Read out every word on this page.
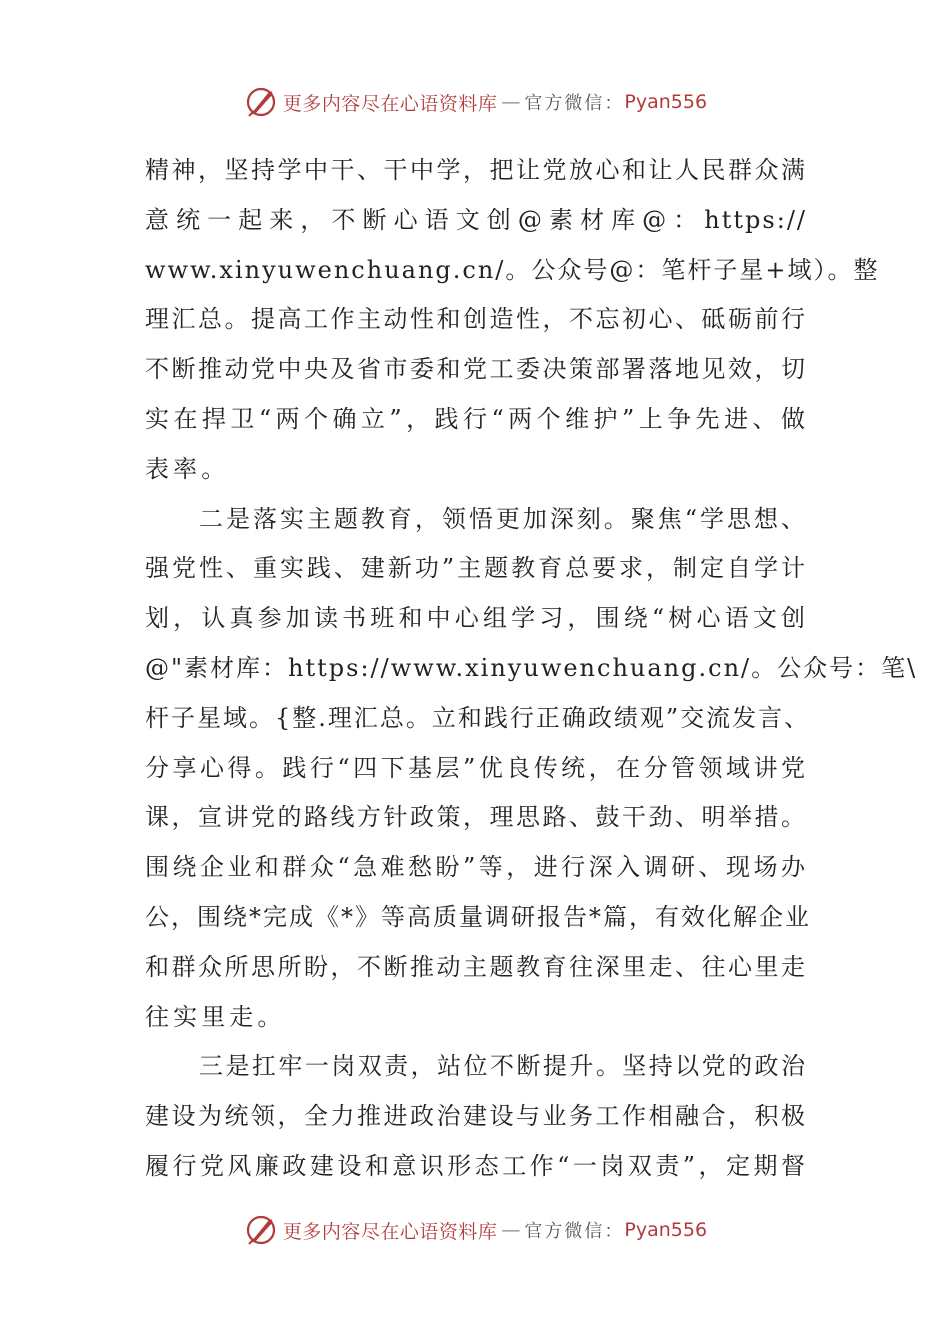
更多内容尽在心语资料库 — 官方微信： Pyan556
精神，坚持学中干、干中学，把让党放心和让人民群众满
意统一起来，不断心语文创@素材库@：https://
www.xinyuwenchuang.cn/。公众号@：笔杆子星+域）。整
理汇总。提高工作主动性和创造性，不忘初心、砥砺前行
不断推动党中央及省市委和党工委决策部署落地见效，切
实在捍卫“两个确立”，践行“两个维护”上争先进、做
表率。
二是落实主题教育，领悟更加深刻。聚焦“学思想、
强党性、重实践、建新功”主题教育总要求，制定自学计
划，认真参加读书班和中心组学习，围绕“树心语文创
@"素材库：https://www.xinyuwenchuang.cn/。公众号：笔\
杆子星域。{整.理汇总。立和践行正确政绩观”交流发言、
分享心得。践行“四下基层”优良传统，在分管领域讲党
课，宣讲党的路线方针政策，理思路、鼓干劲、明举措。
围绕企业和群众“急难愁盼”等，进行深入调研、现场办
公，围绕*完成《*》等高质量调研报告*篇，有效化解企业
和群众所思所盼，不断推动主题教育往深里走、往心里走
往实里走。
三是扛牢一岗双责，站位不断提升。坚持以党的政治
建设为统领，全力推进政治建设与业务工作相融合，积极
履行党风廉政建设和意识形态工作“一岗双责”，定期督
更多内容尽在心语资料库 — 官方微信： Pyan556
